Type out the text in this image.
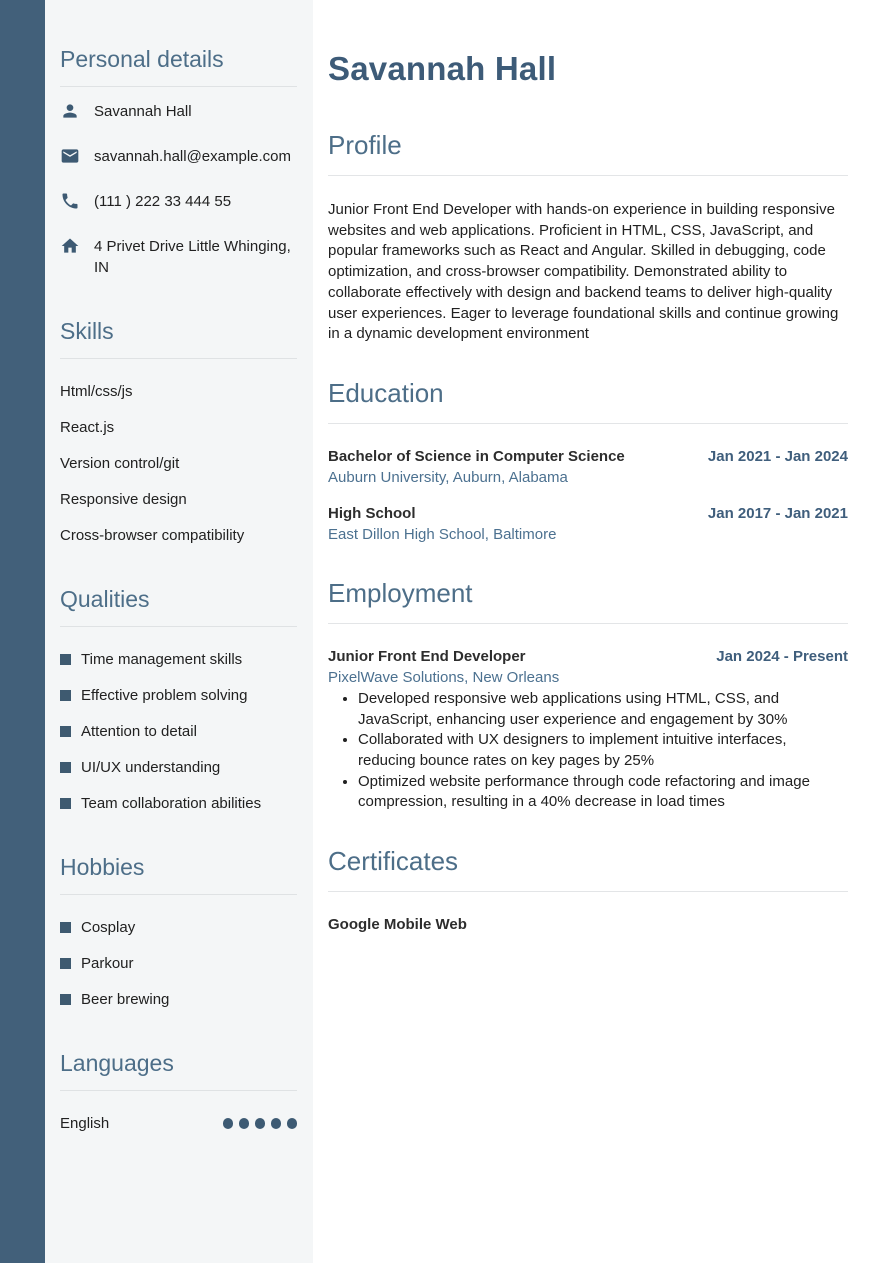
Personal details
Savannah Hall
savannah.hall@example.com
(111 ) 222 33 444 55
4 Privet Drive Little Whinging, IN
Skills
Html/css/js
React.js
Version control/git
Responsive design
Cross-browser compatibility
Qualities
Time management skills
Effective problem solving
Attention to detail
UI/UX understanding
Team collaboration abilities
Hobbies
Cosplay
Parkour
Beer brewing
Languages
English
Savannah Hall
Profile

Junior Front End Developer with hands-on experience in building responsive websites and web applications. Proficient in HTML, CSS, JavaScript, and popular frameworks such as React and Angular. Skilled in debugging, code optimization, and cross-browser compatibility. Demonstrated ability to collaborate effectively with design and backend teams to deliver high-quality user experiences. Eager to leverage foundational skills and continue growing in a dynamic development environment

Education
Bachelor of Science in Computer Science
Auburn University, Auburn, Alabama
Jan 2021 - Jan 2024
High School
East Dillon High School, Baltimore
Jan 2017 - Jan 2021
Employment
Junior Front End Developer
PixelWave Solutions, New Orleans
Jan 2024 - Present
• Developed responsive web applications using HTML, CSS, and JavaScript, enhancing user experience and engagement by 30%
• Collaborated with UX designers to implement intuitive interfaces, reducing bounce rates on key pages by 25%
• Optimized website performance through code refactoring and image compression, resulting in a 40% decrease in load times
Certificates
Google Mobile Web
